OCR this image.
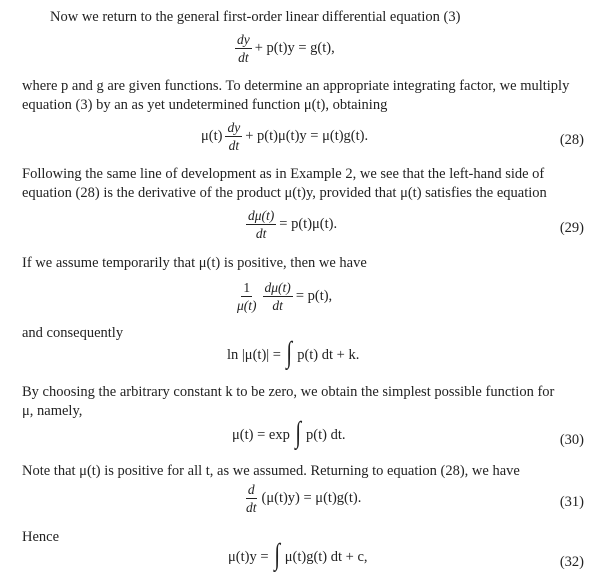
Now we return to the general first-order linear differential equation (3)

$\frac{dy}{dt} + p(t)y = g(t)$,

where p and g are given functions. To determine an appropriate integrating factor, we multiply
equation (3) by an as yet undetermined function μ(t), obtaining

$\mu(t) \frac{dy}{dt} + p(t)\mu(t)y = \mu(t)g(t)$.	(28)

Following the same line of development as in Example 2, we see that the left-hand side of
equation (28) is the derivative of the product μ(t)y, provided that μ(t) satisfies the equation

$\frac{d\mu(t)}{dt} = p(t)\mu(t)$.	(29)

If we assume temporarily that μ(t) is positive, then we have

$\frac{1}{\mu(t)} \frac{d\mu(t)}{dt} = p(t)$,

and consequently

ln |μ(t)| = ∫ p(t) dt + k.

By choosing the arbitrary constant k to be zero, we obtain the simplest possible function for
μ, namely,

μ(t) = exp ∫ p(t) dt.	(30)

Note that μ(t) is positive for all t, as we assumed. Returning to equation (28), we have

$\frac{d}{dt} (\mu(t)y) = \mu(t)g(t)$.	(31)

Hence

μ(t)y = ∫ μ(t)g(t) dt + c,	(32)
